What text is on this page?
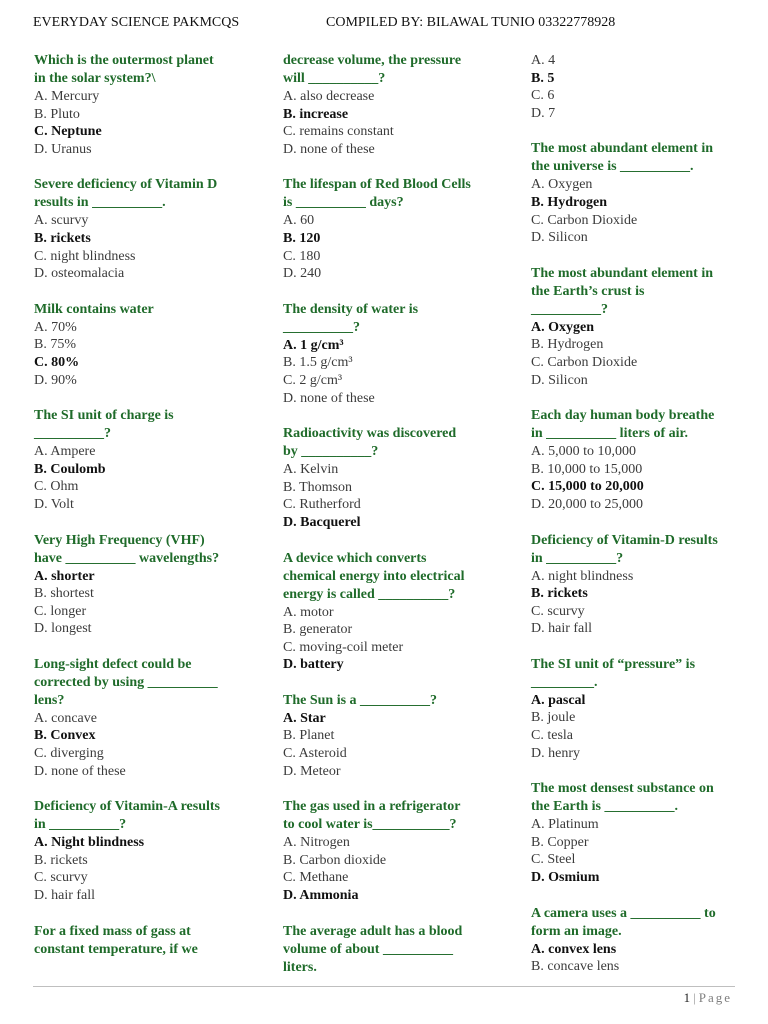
EVERYDAY SCIENCE PAKMCQS	COMPILED BY: BILAWAL TUNIO 03322778928
Which is the outermost planet
in the solar system?\
A. Mercury
B. Pluto
C. Neptune
D. Uranus
Severe deficiency of Vitamin D
results in __________.
A. scurvy
B. rickets
C. night blindness
D. osteomalacia
Milk contains water
A. 70%
B. 75%
C. 80%
D. 90%
The SI unit of charge is
__________?
A. Ampere
B. Coulomb
C. Ohm
D. Volt
Very High Frequency (VHF)
have __________ wavelengths?
A. shorter
B. shortest
C. longer
D. longest
Long-sight defect could be
corrected by using __________
lens?
A. concave
B. Convex
C. diverging
D. none of these
Deficiency of Vitamin-A results
in __________?
A. Night blindness
B. rickets
C. scurvy
D. hair fall
For a fixed mass of gass at
constant temperature, if we
decrease volume, the pressure
will __________?
A. also decrease
B. increase
C. remains constant
D. none of these
The lifespan of Red Blood Cells
is __________ days?
A. 60
B. 120
C. 180
D. 240
The density of water is
__________?
A. 1 g/cm³
B. 1.5 g/cm³
C. 2 g/cm³
D. none of these
Radioactivity was discovered
by __________?
A. Kelvin
B. Thomson
C. Rutherford
D. Bacquerel
A device which converts
chemical energy into electrical
energy is called __________?
A. motor
B. generator
C. moving-coil meter
D. battery
The Sun is a __________?
A. Star
B. Planet
C. Asteroid
D. Meteor
The gas used in a refrigerator
to cool water is___________?
A. Nitrogen
B. Carbon dioxide
C. Methane
D. Ammonia
The average adult has a blood
volume of about __________
liters.
A. 4
B. 5
C. 6
D. 7
The most abundant element in
the universe is __________.
A. Oxygen
B. Hydrogen
C. Carbon Dioxide
D. Silicon
The most abundant element in
the Earth’s crust is
__________?
A. Oxygen
B. Hydrogen
C. Carbon Dioxide
D. Silicon
Each day human body breathe
in __________ liters of air.
A. 5,000 to 10,000
B. 10,000 to 15,000
C. 15,000 to 20,000
D. 20,000 to 25,000
Deficiency of Vitamin-D results
in __________?
A. night blindness
B. rickets
C. scurvy
D. hair fall
The SI unit of “pressure” is
_________.
A. pascal
B. joule
C. tesla
D. henry
The most densest substance on
the Earth is __________.
A. Platinum
B. Copper
C. Steel
D. Osmium
A camera uses a __________ to
form an image.
A. convex lens
B. concave lens
1 | Page
